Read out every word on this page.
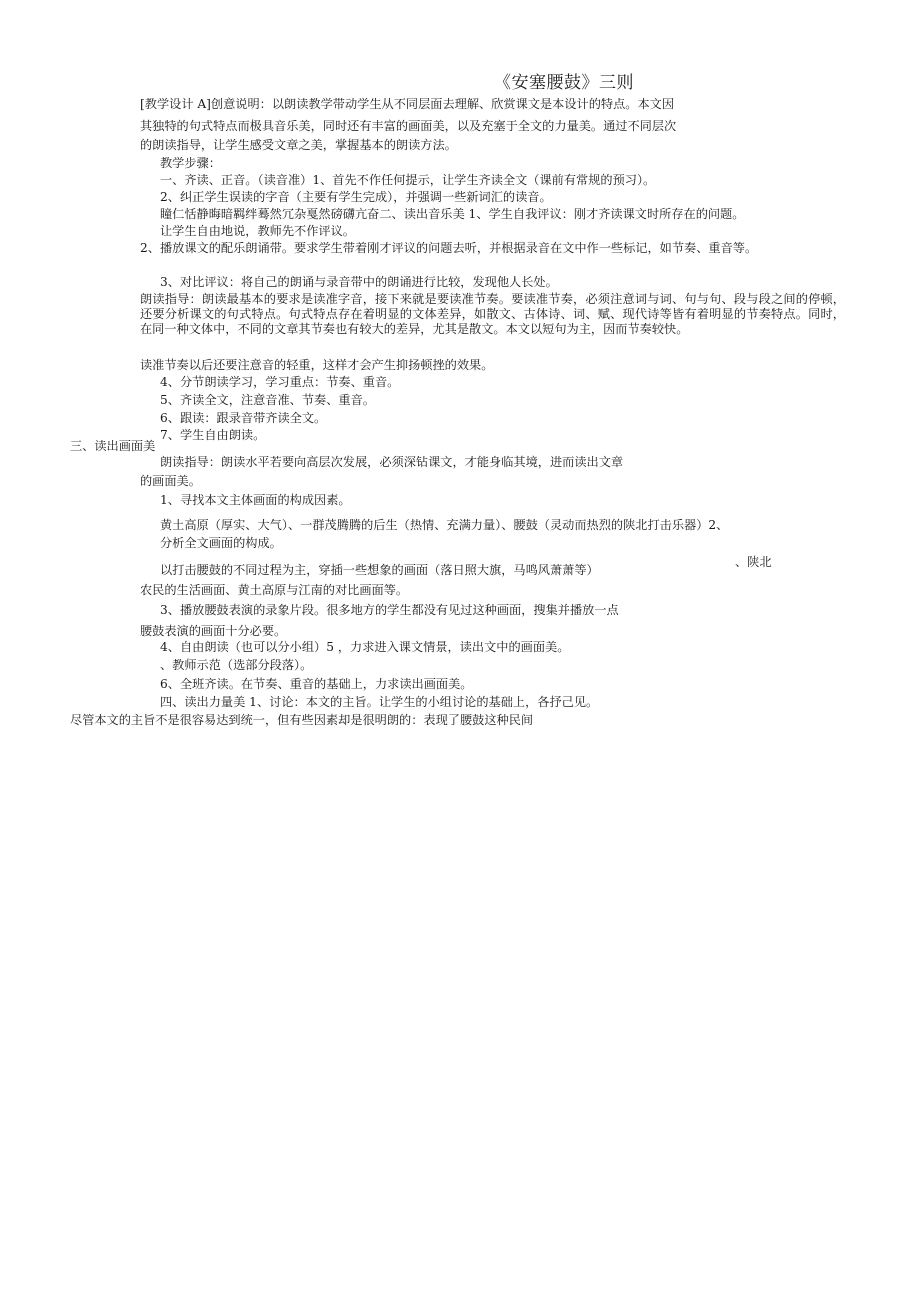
《安塞腰鼓》三则
[教学设计 A]创意说明：以朗读教学带动学生从不同层面去理解、欣赏课文是本设计的特点。本文因
其独特的句式特点而极具音乐美，同时还有丰富的画面美，以及充塞于全文的力量美。通过不同层次
的朗读指导，让学生感受文章之美，掌握基本的朗读方法。
教学步骤：
一、齐读、正音。（读音准）1、首先不作任何提示，让学生齐读全文（课前有常规的预习）。
2、纠正学生误读的字音（主要有学生完成），并强调一些新词汇的读音。
瞳仁恬静晦暗羁绊蓦然冗杂戛然磅礴亢奋二、读出音乐美 1、学生自我评议：刚才齐读课文时所存在的问题。
让学生自由地说，教师先不作评议。
2、播放课文的配乐朗诵带。要求学生带着刚才评议的问题去听，并根据录音在文中作一些标记，如节奏、重音等。
3、对比评议：将自己的朗诵与录音带中的朗诵进行比较，发现他人长处。
朗读指导：朗读最基本的要求是读准字音，接下来就是要读准节奏。要读准节奏，必须注意词与词、句与句、段与段之间的停顿，还要分析课文的句式特点。句式特点存在着明显的文体差异，如散文、古体诗、词、赋、现代诗等皆有着明显的节奏特点。同时，在同一种文体中，不同的文章其节奏也有较大的差异，尤其是散文。本文以短句为主，因而节奏较快。
读准节奏以后还要注意音的轻重，这样才会产生抑扬顿挫的效果。
4、分节朗读学习，学习重点：节奏、重音。
5、齐读全文，注意音准、节奏、重音。
6、跟读：跟录音带齐读全文。
7、学生自由朗读。
三、读出画面美
朗读指导：朗读水平若要向高层次发展，必须深钻课文，才能身临其境，进而读出文章
的画面美。
1、寻找本文主体画面的构成因素。
黄土高原（厚实、大气）、一群茂腾腾的后生（热情、充满力量）、腰鼓（灵动而热烈的陕北打击乐器）2、
分析全文画面的构成。
、陕北
以打击腰鼓的不同过程为主，穿插一些想象的画面（落日照大旗，马鸣风萧萧等）
农民的生活画面、黄土高原与江南的对比画面等。
3、播放腰鼓表演的录象片段。很多地方的学生都没有见过这种画面，搜集并播放一点
腰鼓表演的画面十分必要。
4、自由朗读（也可以分小组）5 ，力求进入课文情景，读出文中的画面美。
、教师示范（选部分段落）。
6、全班齐读。在节奏、重音的基础上，力求读出画面美。
四、读出力量美 1、讨论：本文的主旨。让学生的小组讨论的基础上，各抒己见。
尽管本文的主旨不是很容易达到统一，但有些因素却是很明朗的：表现了腰鼓这种民间
